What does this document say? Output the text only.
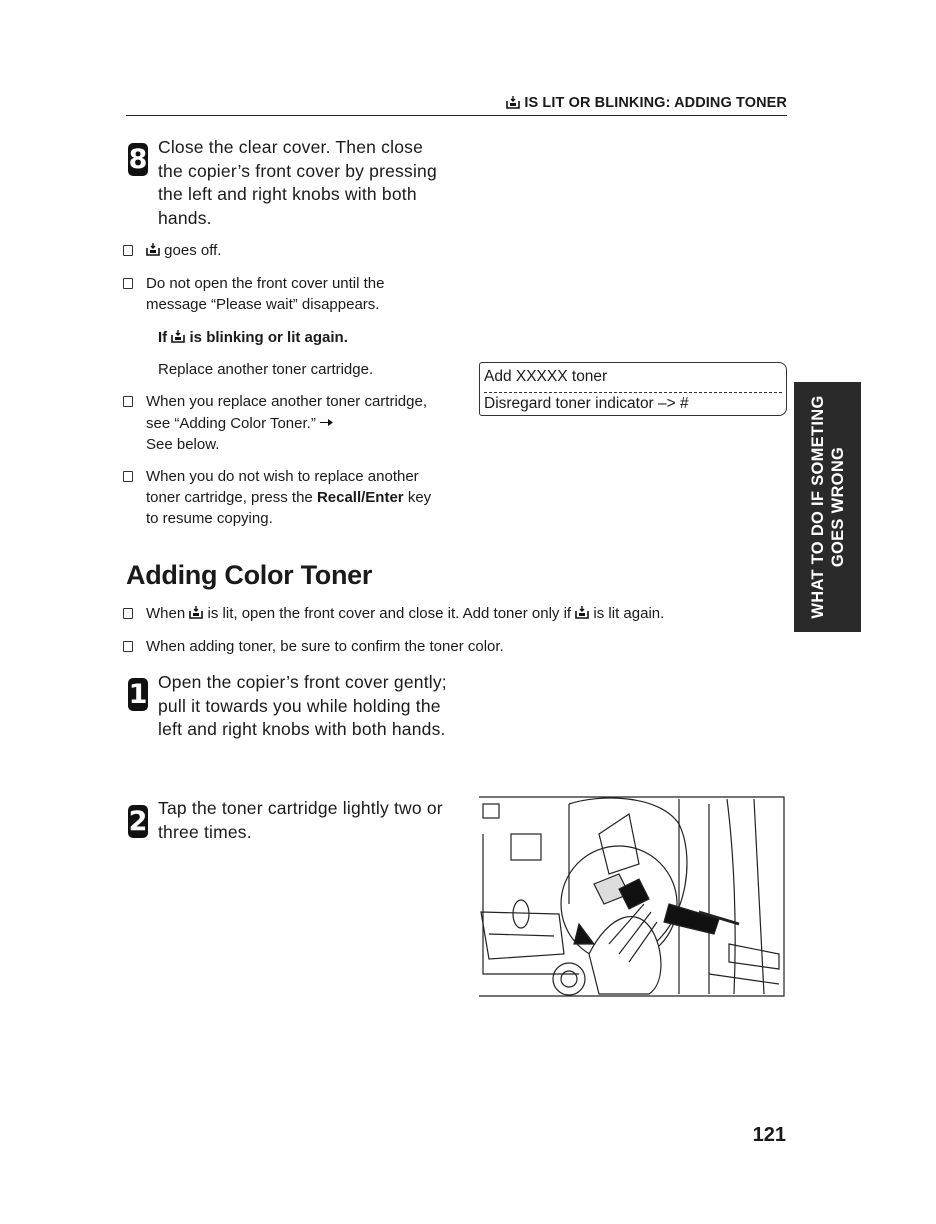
IS LIT OR BLINKING: ADDING TONER
8 Close the clear cover. Then close the copier’s front cover by pressing the left and right knobs with both hands.
goes off.
Do not open the front cover until the message “Please wait” disappears.
If is blinking or lit again.
Replace another toner cartridge.
When you replace another toner cartridge, see “Adding Color Toner.”
See below.
When you do not wish to replace another toner cartridge, press the Recall/Enter key to resume copying.
Add XXXXX toner
Disregard toner indicator –> #	WHAT TO DO IF SOMETING GOES WRONG
Adding Color Toner
When is lit, open the front cover and close it. Add toner only if is lit again.
When adding toner, be sure to confirm the toner color.
1 Open the copier’s front cover gently; pull it towards you while holding the left and right knobs with both hands.
2 Tap the toner cartridge lightly two or three times.
121
